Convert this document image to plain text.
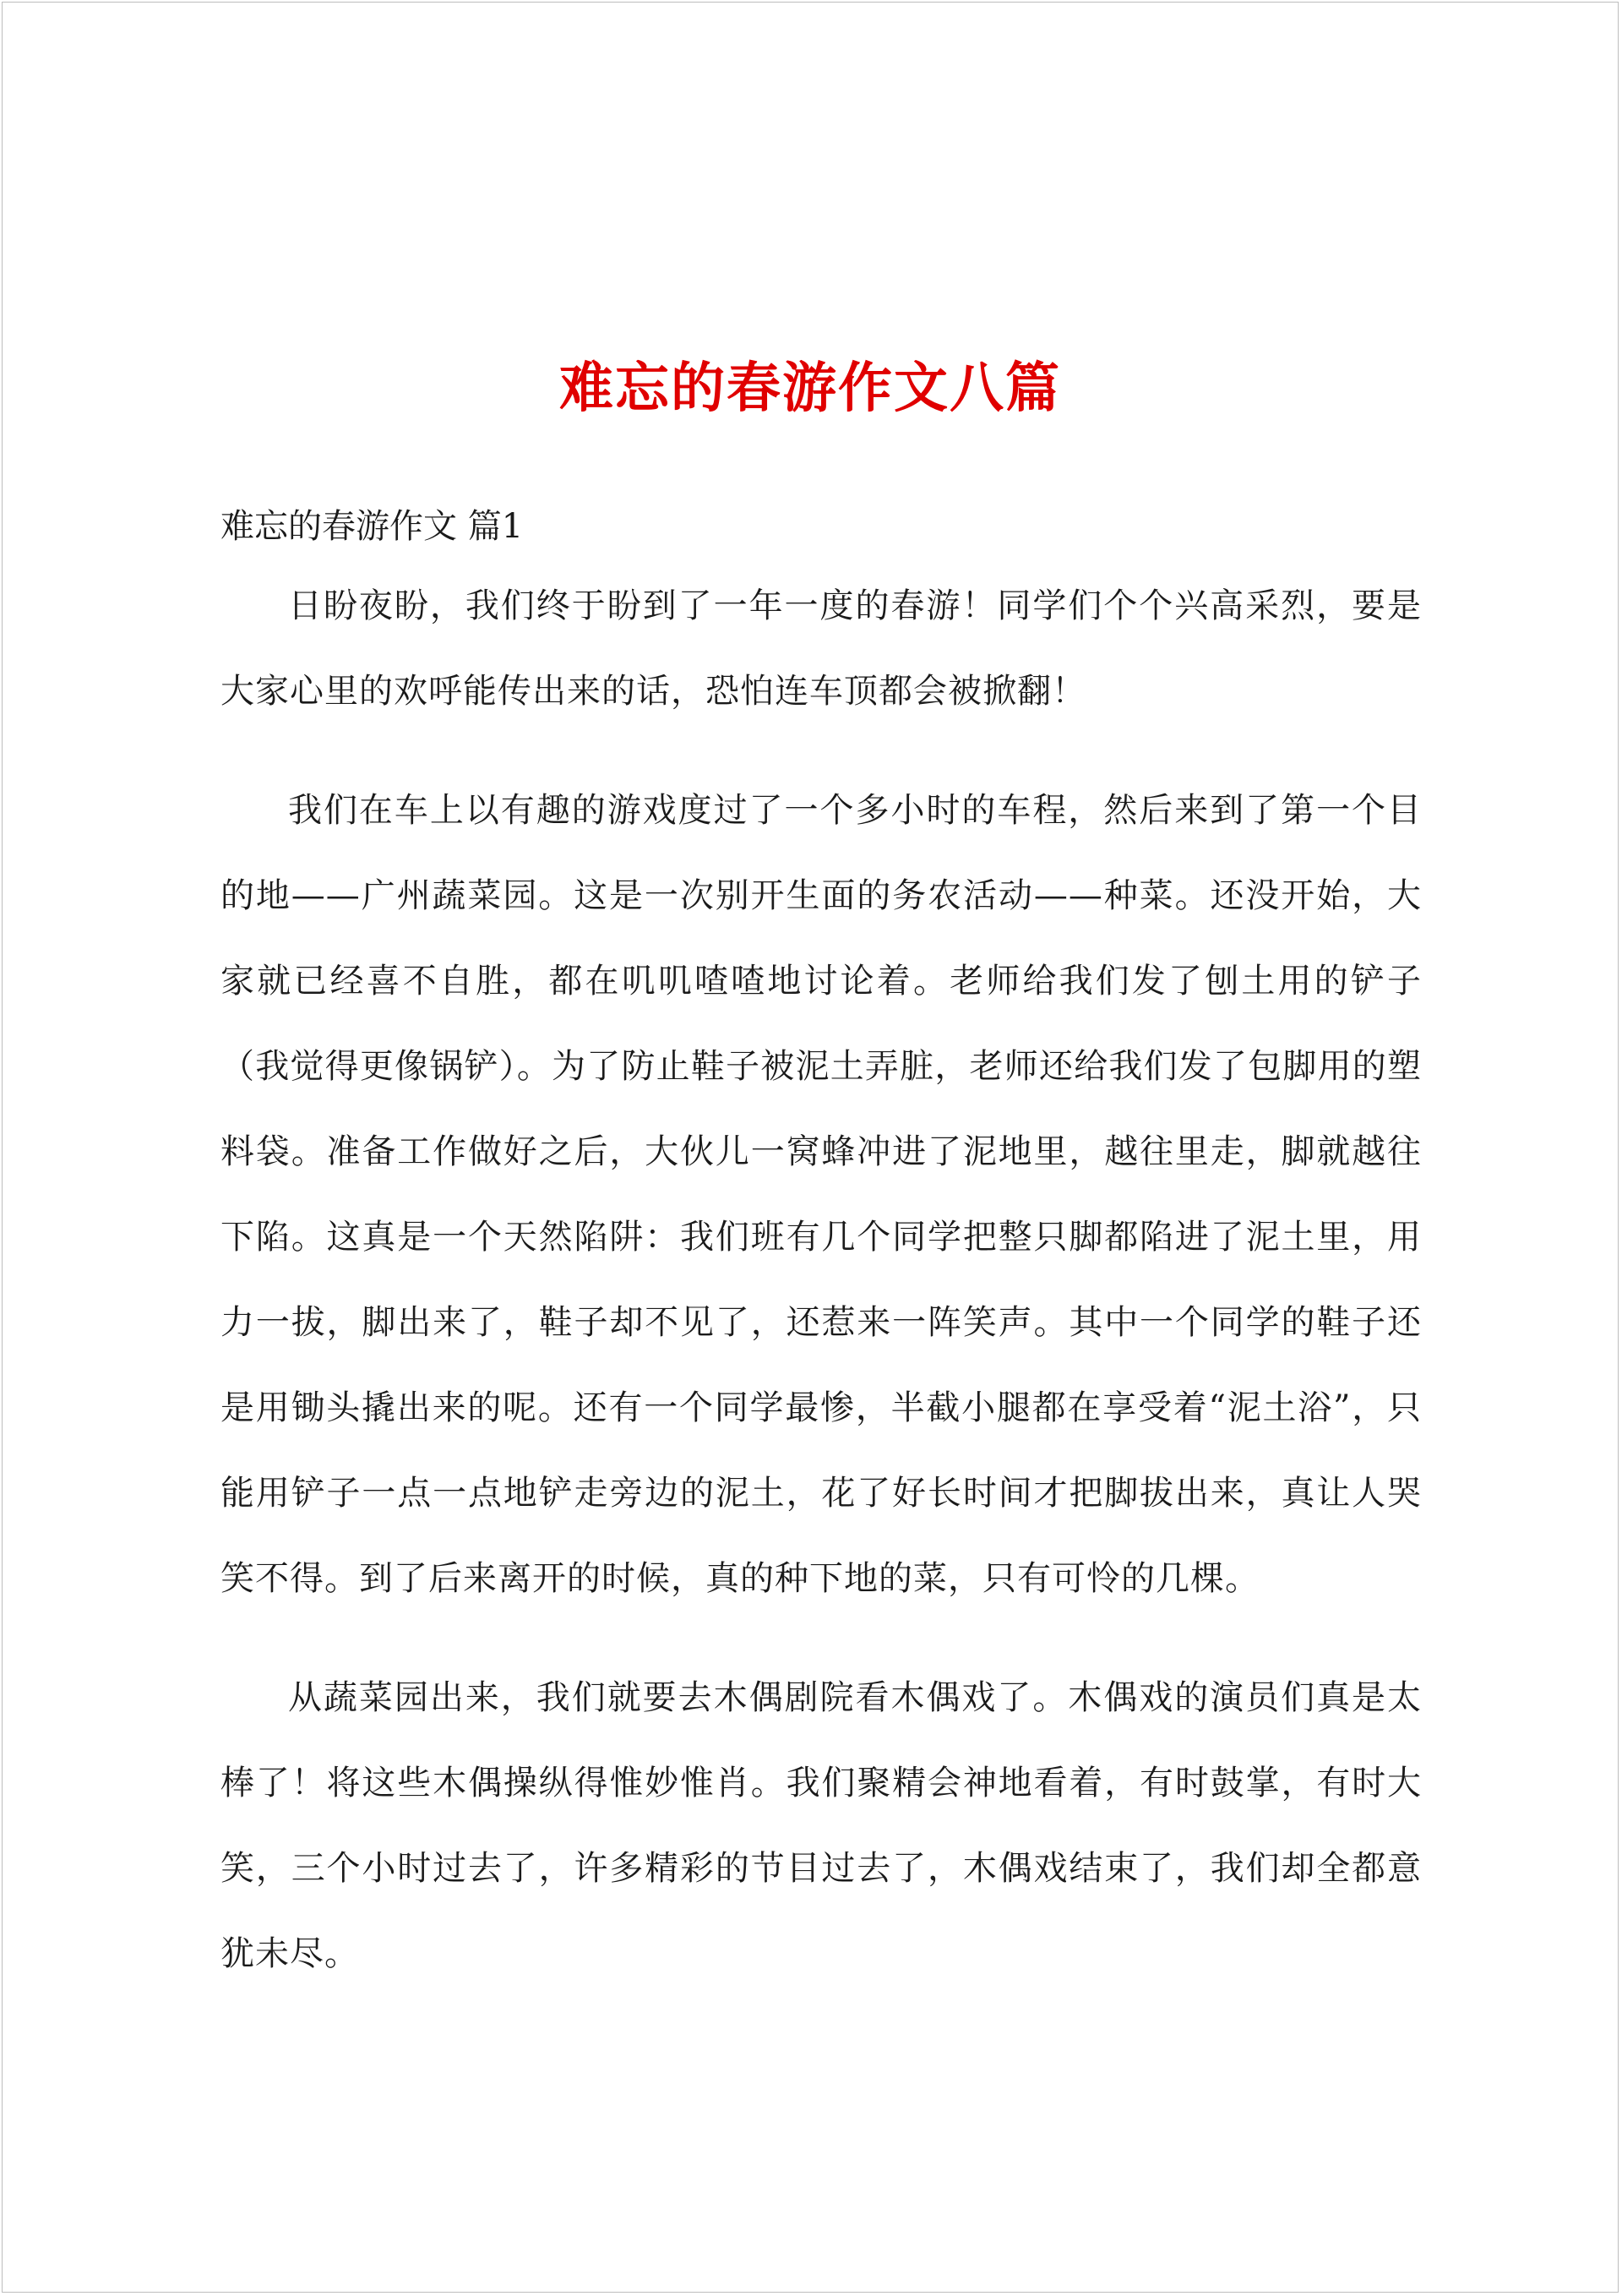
难忘的春游作文八篇
难忘的春游作文 篇1

日盼夜盼，我们终于盼到了一年一度的春游！同学们个个兴高采烈，要是大家心里的欢呼能传出来的话，恐怕连车顶都会被掀翻！

我们在车上以有趣的游戏度过了一个多小时的车程，然后来到了第一个目的地——广州蔬菜园。这是一次别开生面的务农活动——种菜。还没开始，大家就已经喜不自胜，都在叽叽喳喳地讨论着。老师给我们发了刨土用的铲子（我觉得更像锅铲）。为了防止鞋子被泥土弄脏，老师还给我们发了包脚用的塑料袋。准备工作做好之后，大伙儿一窝蜂冲进了泥地里，越往里走，脚就越往下陷。这真是一个天然陷阱：我们班有几个同学把整只脚都陷进了泥土里，用力一拔，脚出来了，鞋子却不见了，还惹来一阵笑声。其中一个同学的鞋子还是用锄头撬出来的呢。还有一个同学最惨，半截小腿都在享受着“泥土浴”，只能用铲子一点一点地铲走旁边的泥土，花了好长时间才把脚拔出来，真让人哭笑不得。到了后来离开的时候，真的种下地的菜，只有可怜的几棵。

从蔬菜园出来，我们就要去木偶剧院看木偶戏了。木偶戏的演员们真是太棒了！将这些木偶操纵得惟妙惟肖。我们聚精会神地看着，有时鼓掌，有时大笑，三个小时过去了，许多精彩的节目过去了，木偶戏结束了，我们却全都意犹未尽。
